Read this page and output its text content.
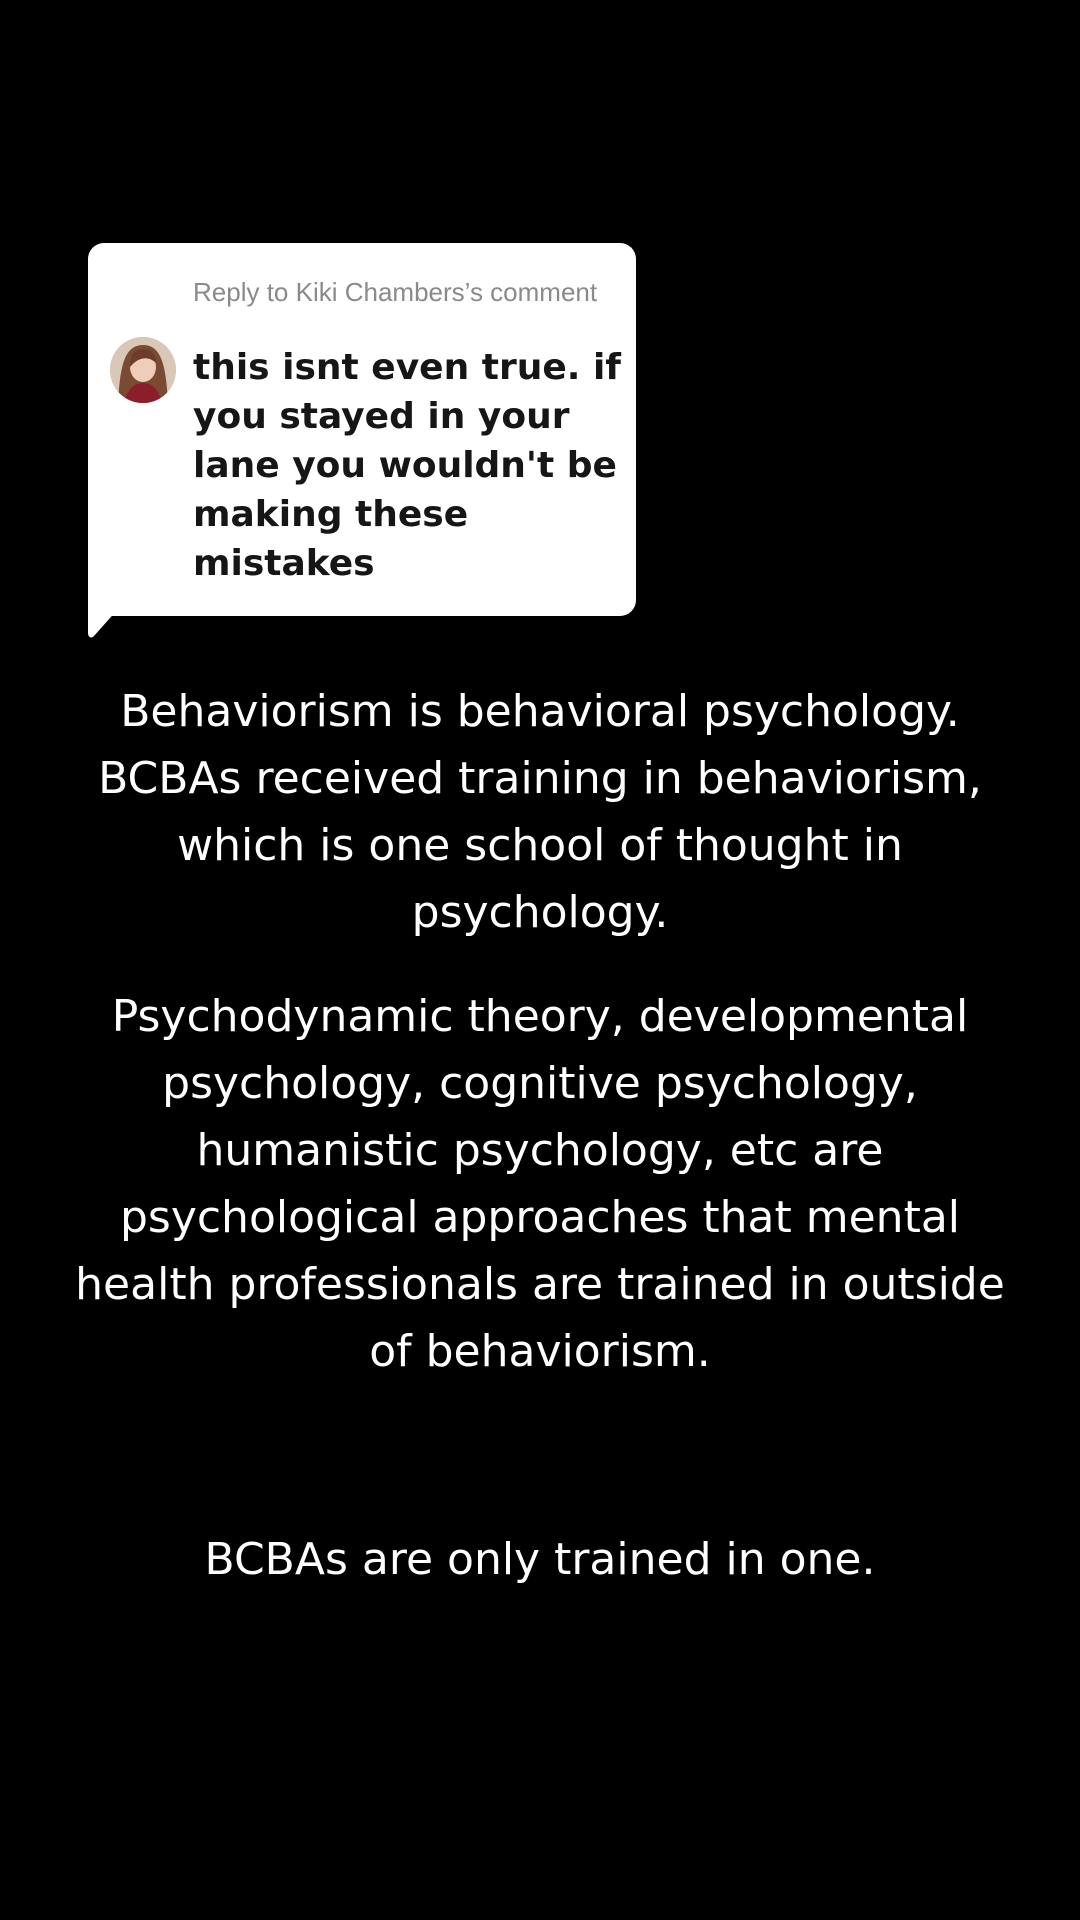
Reply to Kiki Chambers’s comment
this isnt even true. if you stayed in your lane you wouldn't be making these mistakes
Behaviorism is behavioral psychology. BCBAs received training in behaviorism, which is one school of thought in psychology.
Psychodynamic theory, developmental psychology, cognitive psychology, humanistic psychology, etc are psychological approaches that mental health professionals are trained in outside of behaviorism.
BCBAs are only trained in one.
